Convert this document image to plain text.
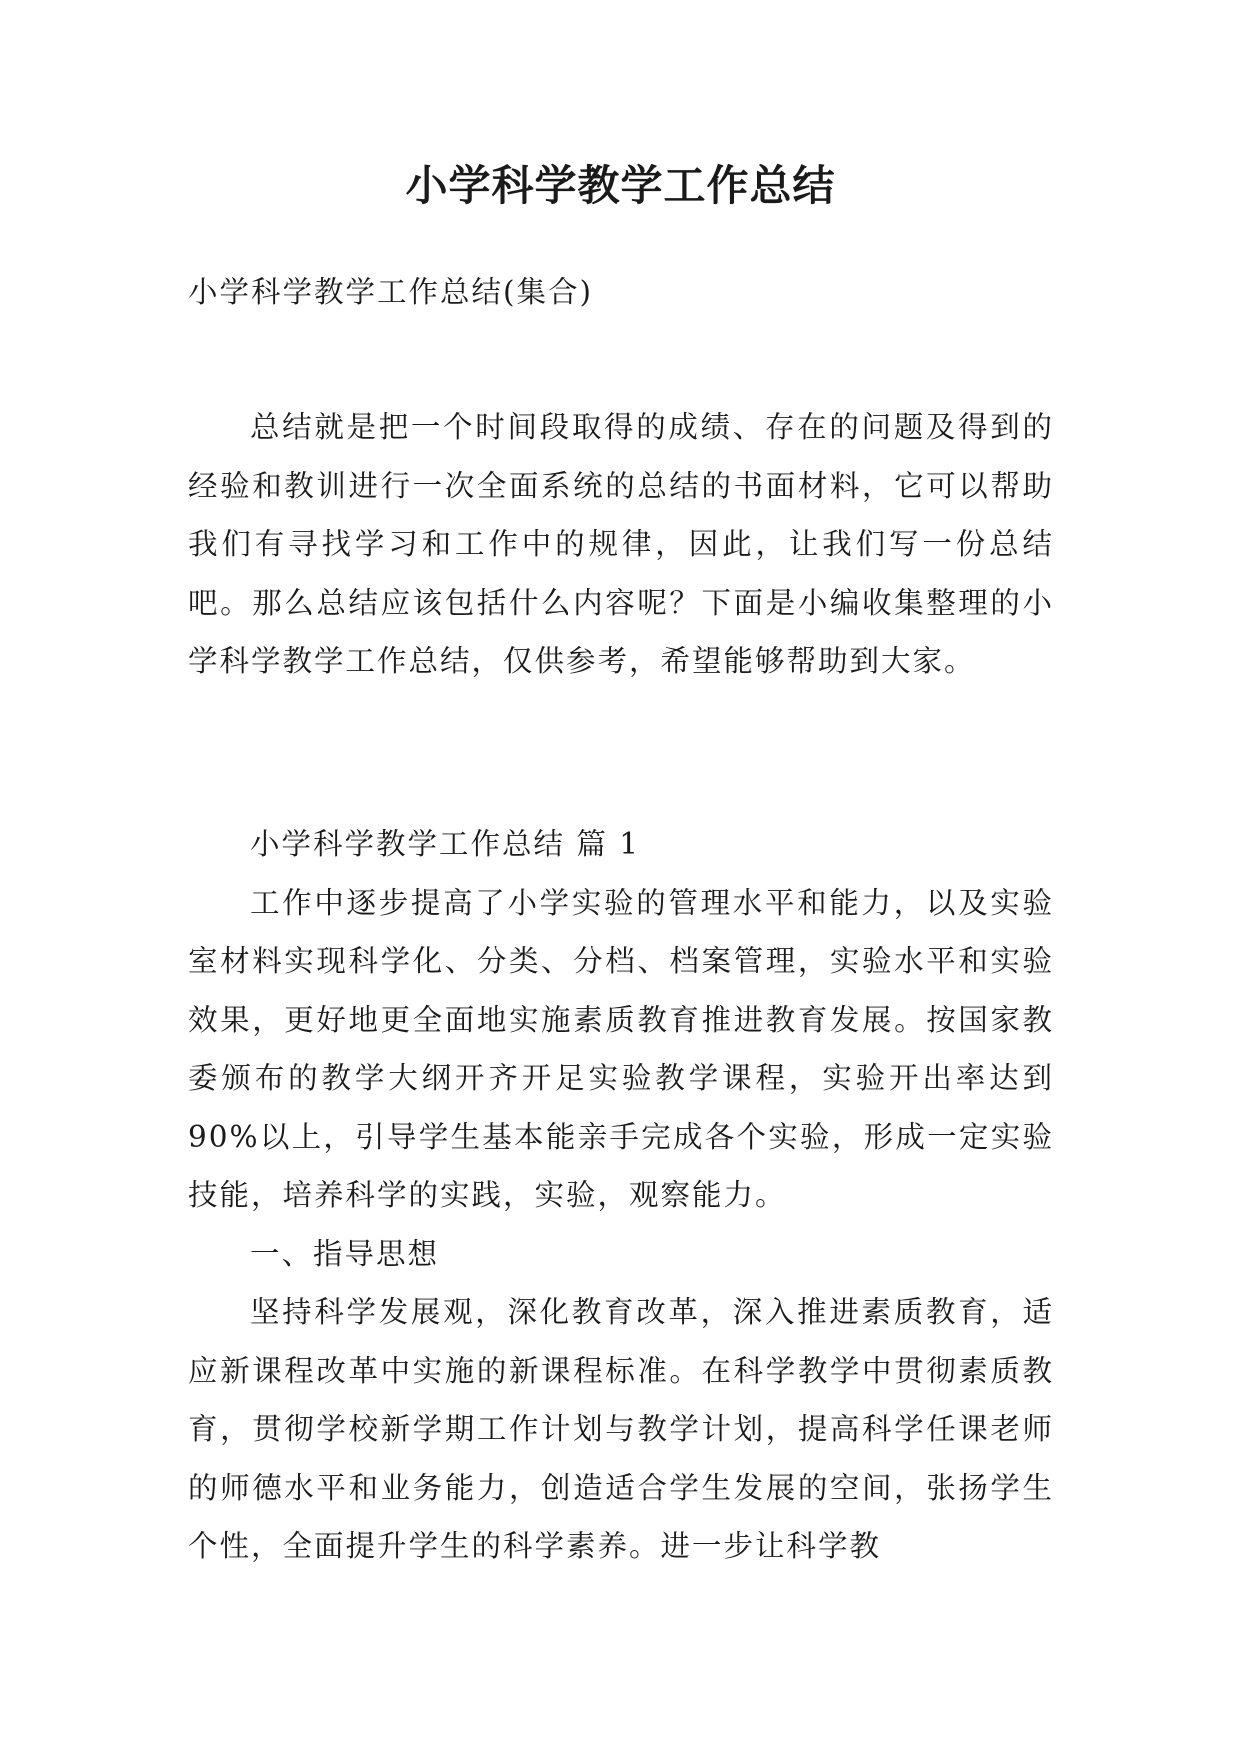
小学科学教学工作总结
小学科学教学工作总结(集合)
总结就是把一个时间段取得的成绩、存在的问题及得到的经验和教训进行一次全面系统的总结的书面材料，它可以帮助我们有寻找学习和工作中的规律，因此，让我们写一份总结吧。那么总结应该包括什么内容呢？下面是小编收集整理的小学科学教学工作总结，仅供参考，希望能够帮助到大家。

小学科学教学工作总结 篇 1

工作中逐步提高了小学实验的管理水平和能力，以及实验室材料实现科学化、分类、分档、档案管理，实验水平和实验效果，更好地更全面地实施素质教育推进教育发展。按国家教委颁布的教学大纲开齐开足实验教学课程，实验开出率达到90%以上，引导学生基本能亲手完成各个实验，形成一定实验技能，培养科学的实践，实验，观察能力。

一、指导思想

坚持科学发展观，深化教育改革，深入推进素质教育，适应新课程改革中实施的新课程标准。在科学教学中贯彻素质教育，贯彻学校新学期工作计划与教学计划，提高科学任课老师的师德水平和业务能力，创造适合学生发展的空间，张扬学生个性，全面提升学生的科学素养。进一步让科学教
